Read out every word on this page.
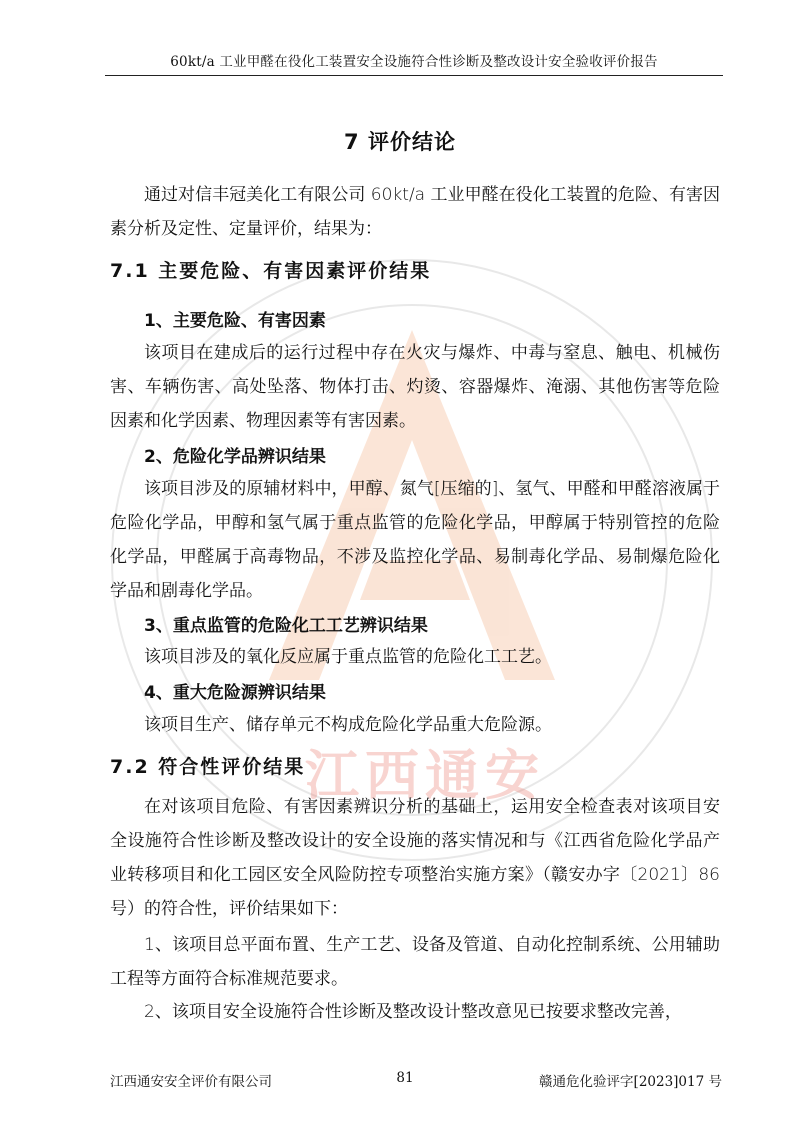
江西通安
60kt/a 工业甲醛在役化工装置安全设施符合性诊断及整改设计安全验收评价报告
7 评价结论
通过对信丰冠美化工有限公司 60kt/a 工业甲醛在役化工装置的危险、有害因素分析及定性、定量评价，结果为：
7.1 主要危险、有害因素评价结果
1、主要危险、有害因素
该项目在建成后的运行过程中存在火灾与爆炸、中毒与窒息、触电、机械伤害、车辆伤害、高处坠落、物体打击、灼烫、容器爆炸、淹溺、其他伤害等危险因素和化学因素、物理因素等有害因素。
2、危险化学品辨识结果
该项目涉及的原辅材料中，甲醇、氮气[压缩的]、氢气、甲醛和甲醛溶液属于危险化学品，甲醇和氢气属于重点监管的危险化学品，甲醇属于特别管控的危险化学品，甲醛属于高毒物品，不涉及监控化学品、易制毒化学品、易制爆危险化学品和剧毒化学品。
3、重点监管的危险化工工艺辨识结果
该项目涉及的氧化反应属于重点监管的危险化工工艺。
4、重大危险源辨识结果
该项目生产、储存单元不构成危险化学品重大危险源。
7.2 符合性评价结果
在对该项目危险、有害因素辨识分析的基础上，运用安全检查表对该项目安全设施符合性诊断及整改设计的安全设施的落实情况和与《江西省危险化学品产业转移项目和化工园区安全风险防控专项整治实施方案》（赣安办字〔2021〕86 号）的符合性，评价结果如下：
1、该项目总平面布置、生产工艺、设备及管道、自动化控制系统、公用辅助工程等方面符合标准规范要求。
2、该项目安全设施符合性诊断及整改设计整改意见已按要求整改完善，
江西通安安全评价有限公司	81	赣通危化验评字[2023]017 号
